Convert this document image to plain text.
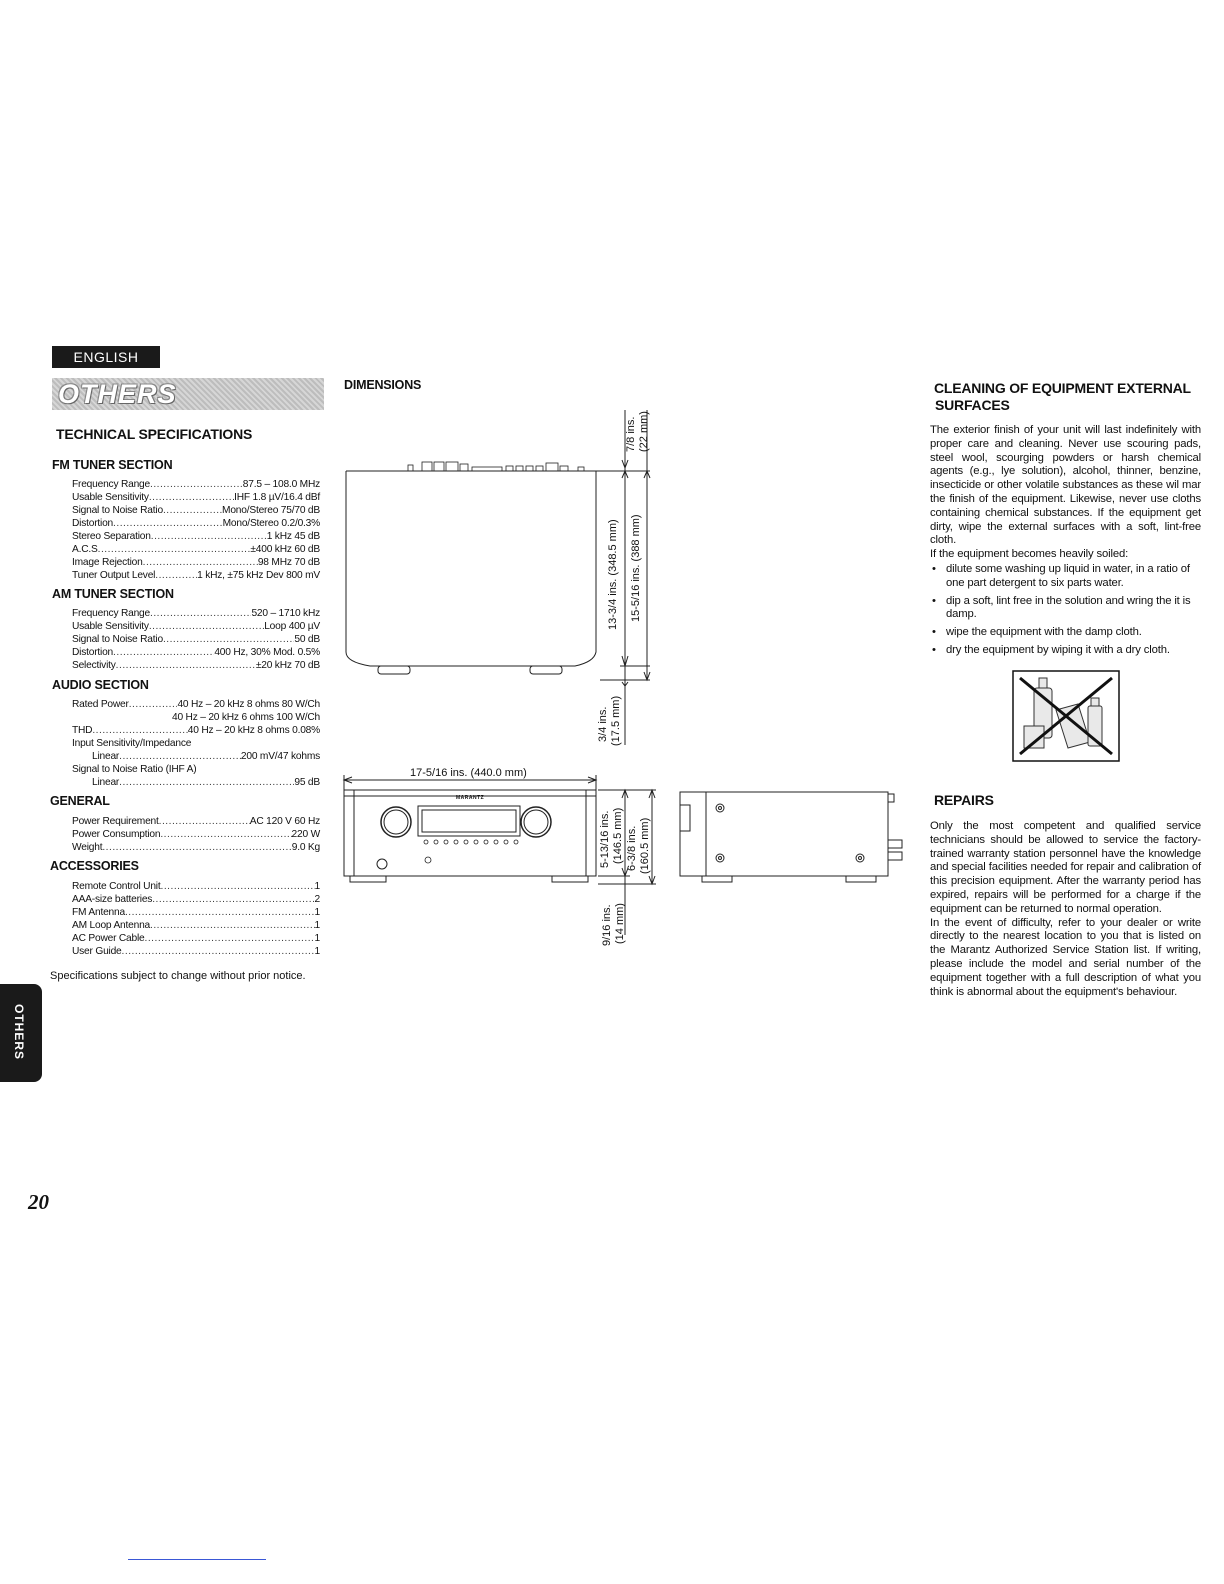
ENGLISH
OTHERS
TECHNICAL SPECIFICATIONS
FM TUNER SECTION
Frequency Range .....	87.5 – 108.0 MHz
Usable Sensitivity .....	IHF 1.8 µV/16.4 dBf
Signal to Noise Ratio .....	Mono/Stereo 75/70 dB
Distortion .....	Mono/Stereo 0.2/0.3%
Stereo Separation .....	1 kHz 45 dB
A.C.S .....	±400 kHz 60 dB
Image Rejection .....	98 MHz 70 dB
Tuner Output Level .....	1 kHz, ±75 kHz Dev 800 mV
AM TUNER SECTION
Frequency Range .....	520 – 1710 kHz
Usable Sensitivity .....	Loop 400 µV
Signal to Noise Ratio .....	50 dB
Distortion .....	400 Hz, 30% Mod. 0.5%
Selectivity .....	±20 kHz 70 dB
AUDIO SECTION
Rated Power .....	40 Hz – 20 kHz 8 ohms 80 W/Ch
40 Hz – 20 kHz 6 ohms 100 W/Ch
THD .....	40 Hz – 20 kHz 8 ohms 0.08%
Input Sensitivity/Impedance
Linear .....	200 mV/47 kohms
Signal to Noise Ratio (IHF A)
Linear .....	95 dB
GENERAL
Power Requirement .....	AC 120 V 60 Hz
Power Consumption .....	220 W
Weight .....	9.0 Kg
ACCESSORIES
Remote Control Unit .....	1
AAA-size batteries .....	2
FM Antenna .....	1
AM Loop Antenna .....	1
AC Power Cable .....	1
User Guide .....	1
Specifications subject to change without prior notice.
OTHERS
20
DIMENSIONS
7/8 ins. (22 mm)
13-3/4 ins. (348.5 mm) 15-5/16 ins. (388 mm)
3/4 ins. (17.5 mm)
17-5/16 ins. (440.0 mm)
5-13/16 ins. (146.5 mm) 6-3/8 ins. (160.5 mm)
9/16 ins. (14 mm)
MARANTZ
CLEANING OF EQUIPMENT EXTERNAL
SURFACES
The exterior finish of your unit will last indefinitely with proper care and cleaning. Never use scouring pads, steel wool, scourging powders or harsh chemical agents (e.g., lye solution), alcohol, thinner, benzine, insecticide or other volatile substances as these wil mar the finish of the equipment. Likewise, never use cloths containing chemical substances. If the equipment get dirty, wipe the external surfaces with a soft, lint-free cloth.
If the equipment becomes heavily soiled:
• dilute some washing up liquid in water, in a ratio of one part detergent to six parts water.
• dip a soft, lint free in the solution and wring the it is damp.
• wipe the equipment with the damp cloth.
• dry the equipment by wiping it with a dry cloth.
REPAIRS
Only the most competent and qualified service technicians should be allowed to service the factory-trained warranty station personnel have the knowledge and special facilities needed for repair and calibration of this precision equipment. After the warranty period has expired, repairs will be performed for a charge if the equipment can be returned to normal operation.
In the event of difficulty, refer to your dealer or write directly to the nearest location to you that is listed on the Marantz Authorized Service Station list. If writing, please include the model and serial number of the equipment together with a full description of what you think is abnormal about the equipment's behaviour.
